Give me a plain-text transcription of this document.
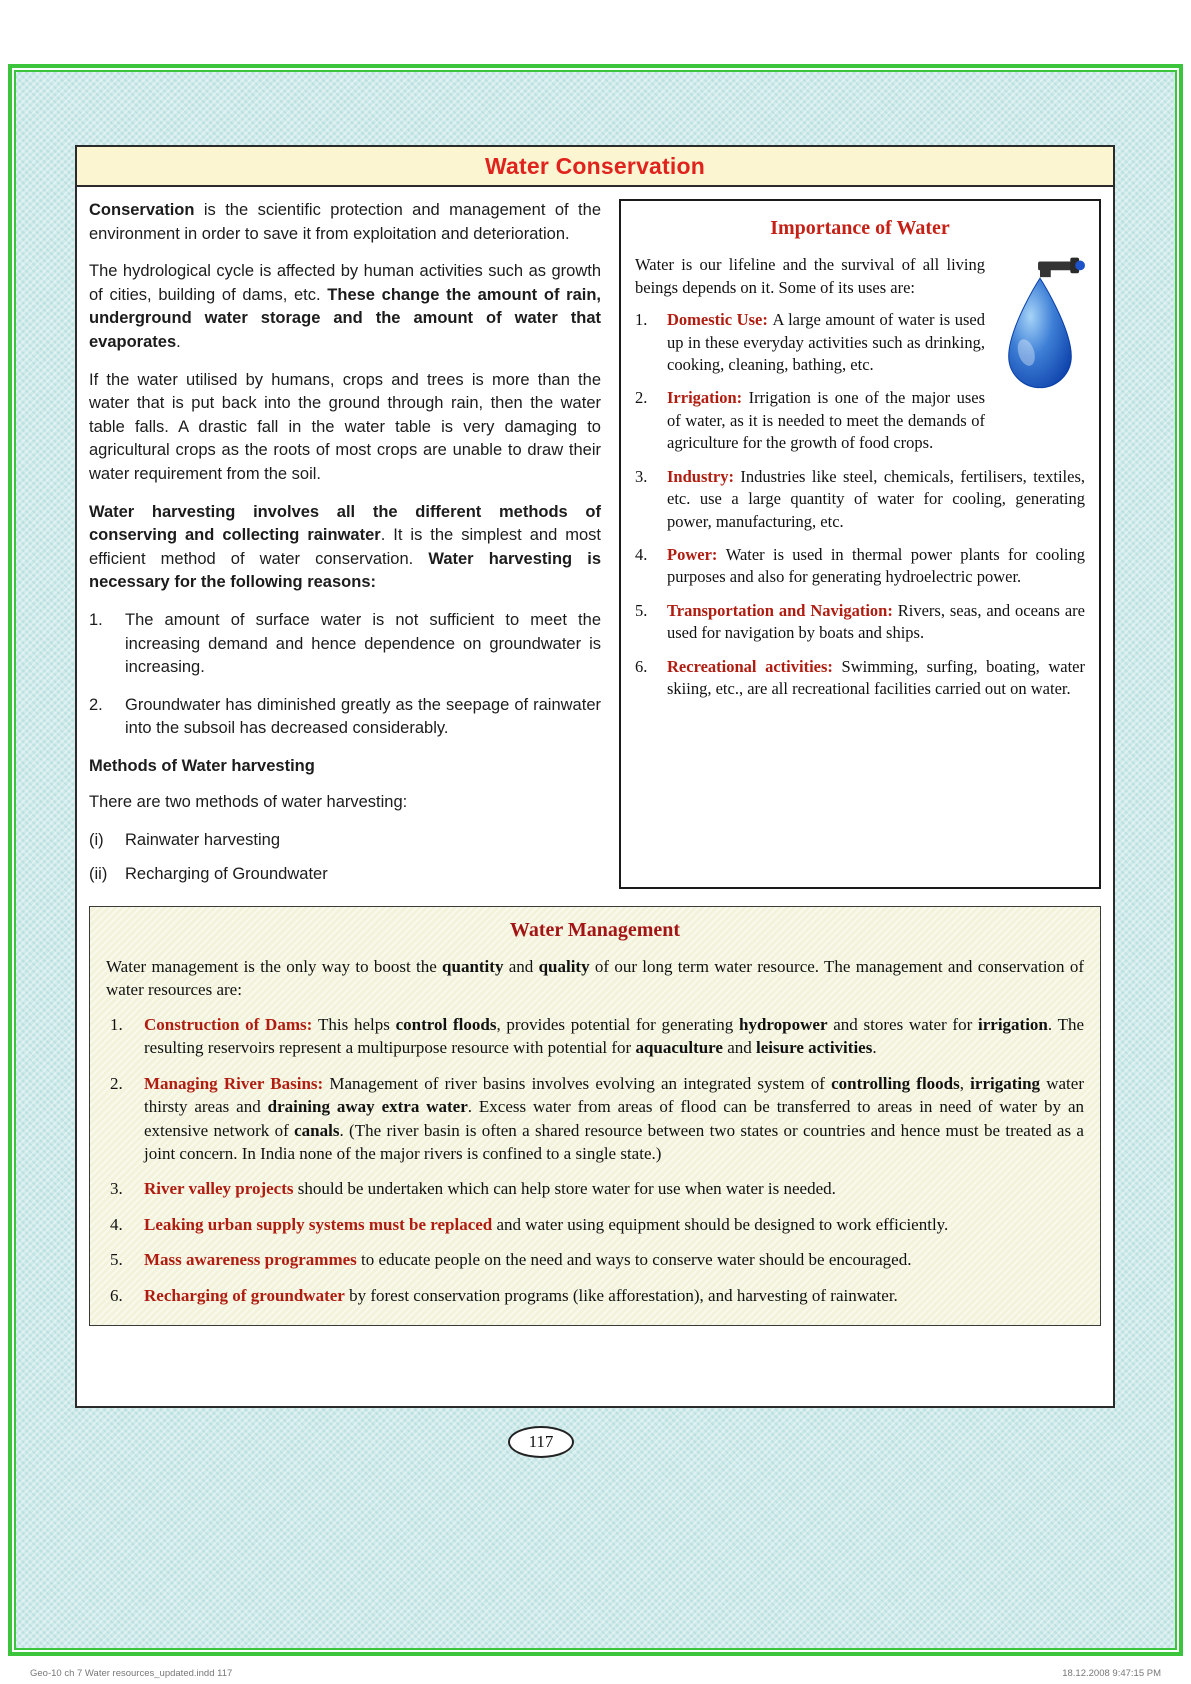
Water Conservation

Conservation is the scientific protection and management of the environment in order to save it from exploitation and deterioration.

The hydrological cycle is affected by human activities such as growth of cities, building of dams, etc. These change the amount of rain, underground water storage and the amount of water that evaporates.

If the water utilised by humans, crops and trees is more than the water that is put back into the ground through rain, then the water table falls. A drastic fall in the water table is very damaging to agricultural crops as the roots of most crops are unable to draw their water requirement from the soil.

Water harvesting involves all the different methods of conserving and collecting rainwater. It is the simplest and most efficient method of water conservation. Water harvesting is necessary for the following reasons:

1.	The amount of surface water is not sufficient to meet the increasing demand and hence dependence on groundwater is increasing.
2.	Groundwater has diminished greatly as the seepage of rainwater into the subsoil has decreased considerably.

Methods of Water harvesting

There are two methods of water harvesting:

(i)	Rainwater harvesting
(ii)	Recharging of Groundwater
Importance of Water

Water is our lifeline and the survival of all living beings depends on it. Some of its uses are:

1. Domestic Use: A large amount of water is used up in these everyday activities such as drinking, cooking, cleaning, bathing, etc.
2. Irrigation: Irrigation is one of the major uses of water, as it is needed to meet the demands of agriculture for the growth of food crops.
3. Industry: Industries like steel, chemicals, fertilisers, textiles, etc. use a large quantity of water for cooling, generating power, manufacturing, etc.
4. Power: Water is used in thermal power plants for cooling purposes and also for generating hydroelectric power.
5. Transportation and Navigation: Rivers, seas, and oceans are used for navigation by boats and ships.
6. Recreational activities: Swimming, surfing, boating, water skiing, etc., are all recreational facilities carried out on water.
Water Management

Water management is the only way to boost the quantity and quality of our long term water resource. The management and conservation of water resources are:

1.	Construction of Dams: This helps control floods, provides potential for generating hydropower and stores water for irrigation. The resulting reservoirs represent a multipurpose resource with potential for aquaculture and leisure activities.
2.	Managing River Basins: Management of river basins involves evolving an integrated system of controlling floods, irrigating water thirsty areas and draining away extra water. Excess water from areas of flood can be transferred to areas in need of water by an extensive network of canals. (The river basin is often a shared resource between two states or countries and hence must be treated as a joint concern. In India none of the major rivers is confined to a single state.)
3.	River valley projects should be undertaken which can help store water for use when water is needed.
4.	Leaking urban supply systems must be replaced and water using equipment should be designed to work efficiently.
5.	Mass awareness programmes to educate people on the need and ways to conserve water should be encouraged.
6.	Recharging of groundwater by forest conservation programs (like afforestation), and harvesting of rainwater.
117
Geo-10 ch 7 Water resources_updated.indd 117	18.12.2008 9:47:15 PM
